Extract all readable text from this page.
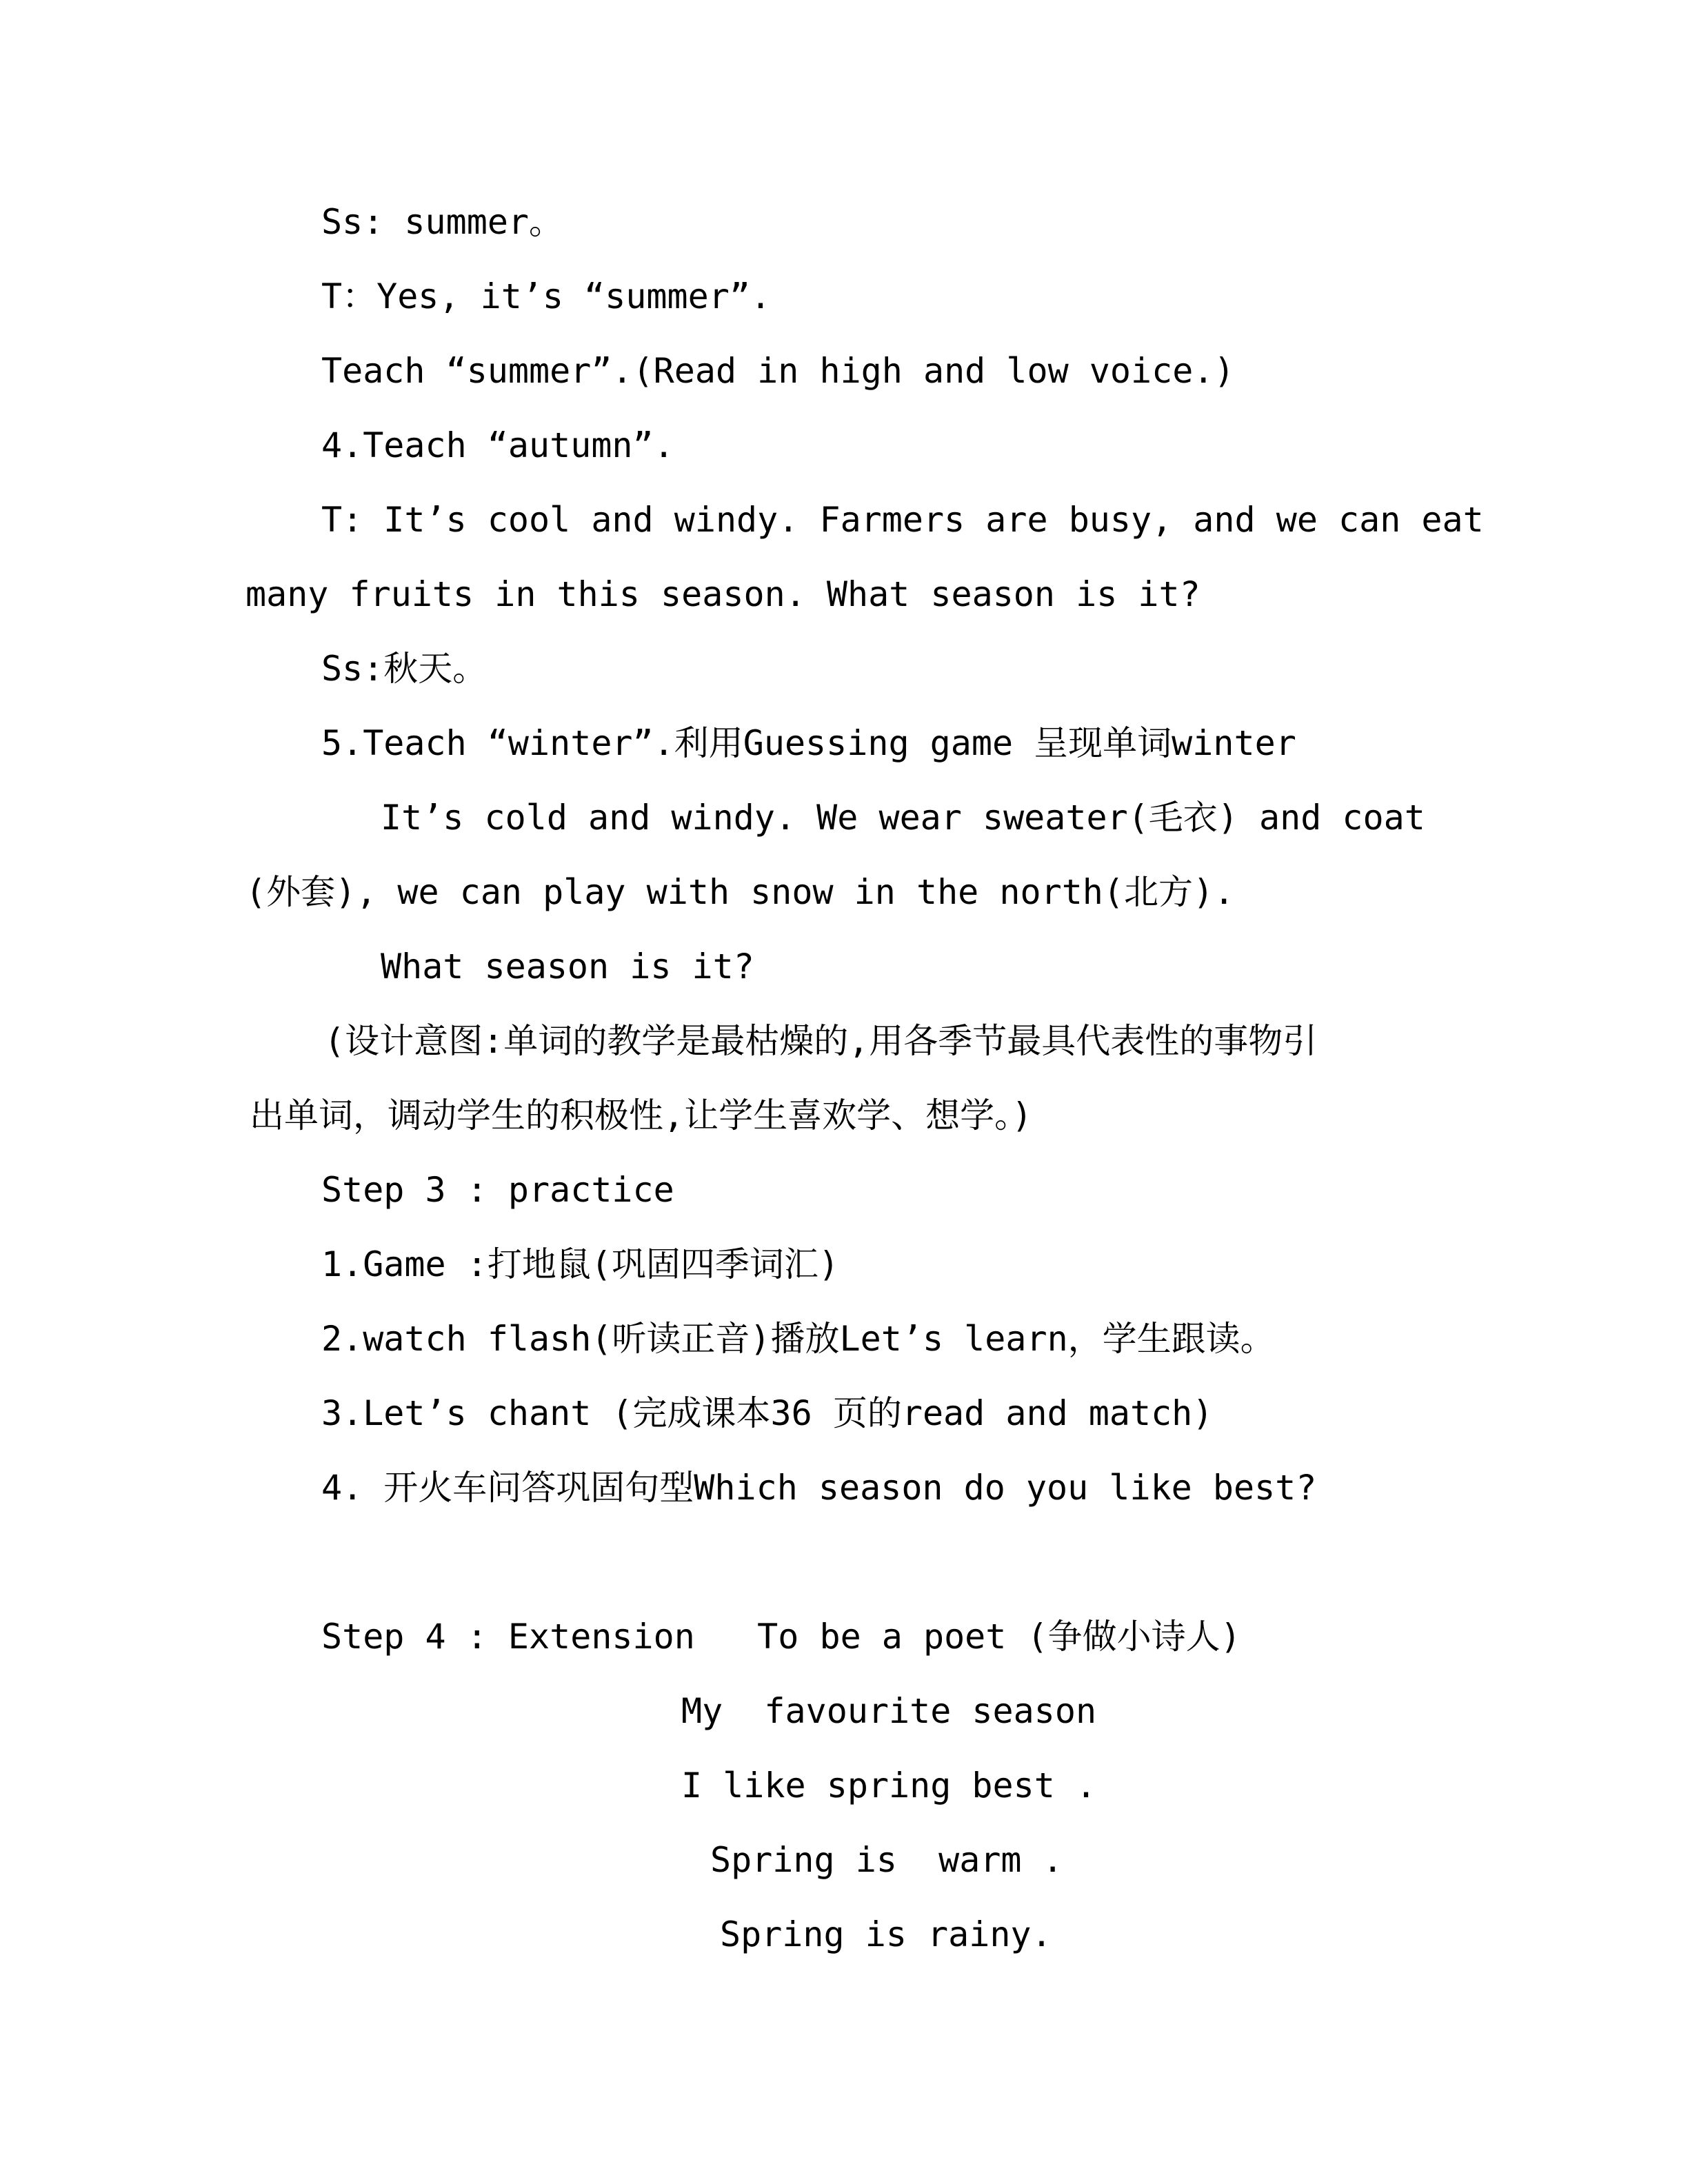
Ss: summer。
T：Yes, it’s “summer”.
Teach “summer”.(Read in high and low voice.)
4.Teach “autumn”.
T: It’s cool and windy. Farmers are busy, and we can eat
many fruits in this season. What season is it?
Ss:秋天。
5.Teach “winter”.利用Guessing game 呈现单词winter
It’s cold and windy. We wear sweater(毛衣) and coat
(外套), we can play with snow in the north(北方).
What season is it?
(设计意图:单词的教学是最枯燥的,用各季节最具代表性的事物引
出单词，调动学生的积极性,让学生喜欢学、想学。)
Step 3 : practice
1.Game :打地鼠(巩固四季词汇)
2.watch flash(听读正音)播放Let’s learn，学生跟读。
3.Let’s chant (完成课本36 页的read and match)
4. 开火车问答巩固句型Which season do you like best?
Step 4 : Extension   To be a poet (争做小诗人)
My  favourite season
I like spring best .
Spring is  warm .
Spring is rainy.
